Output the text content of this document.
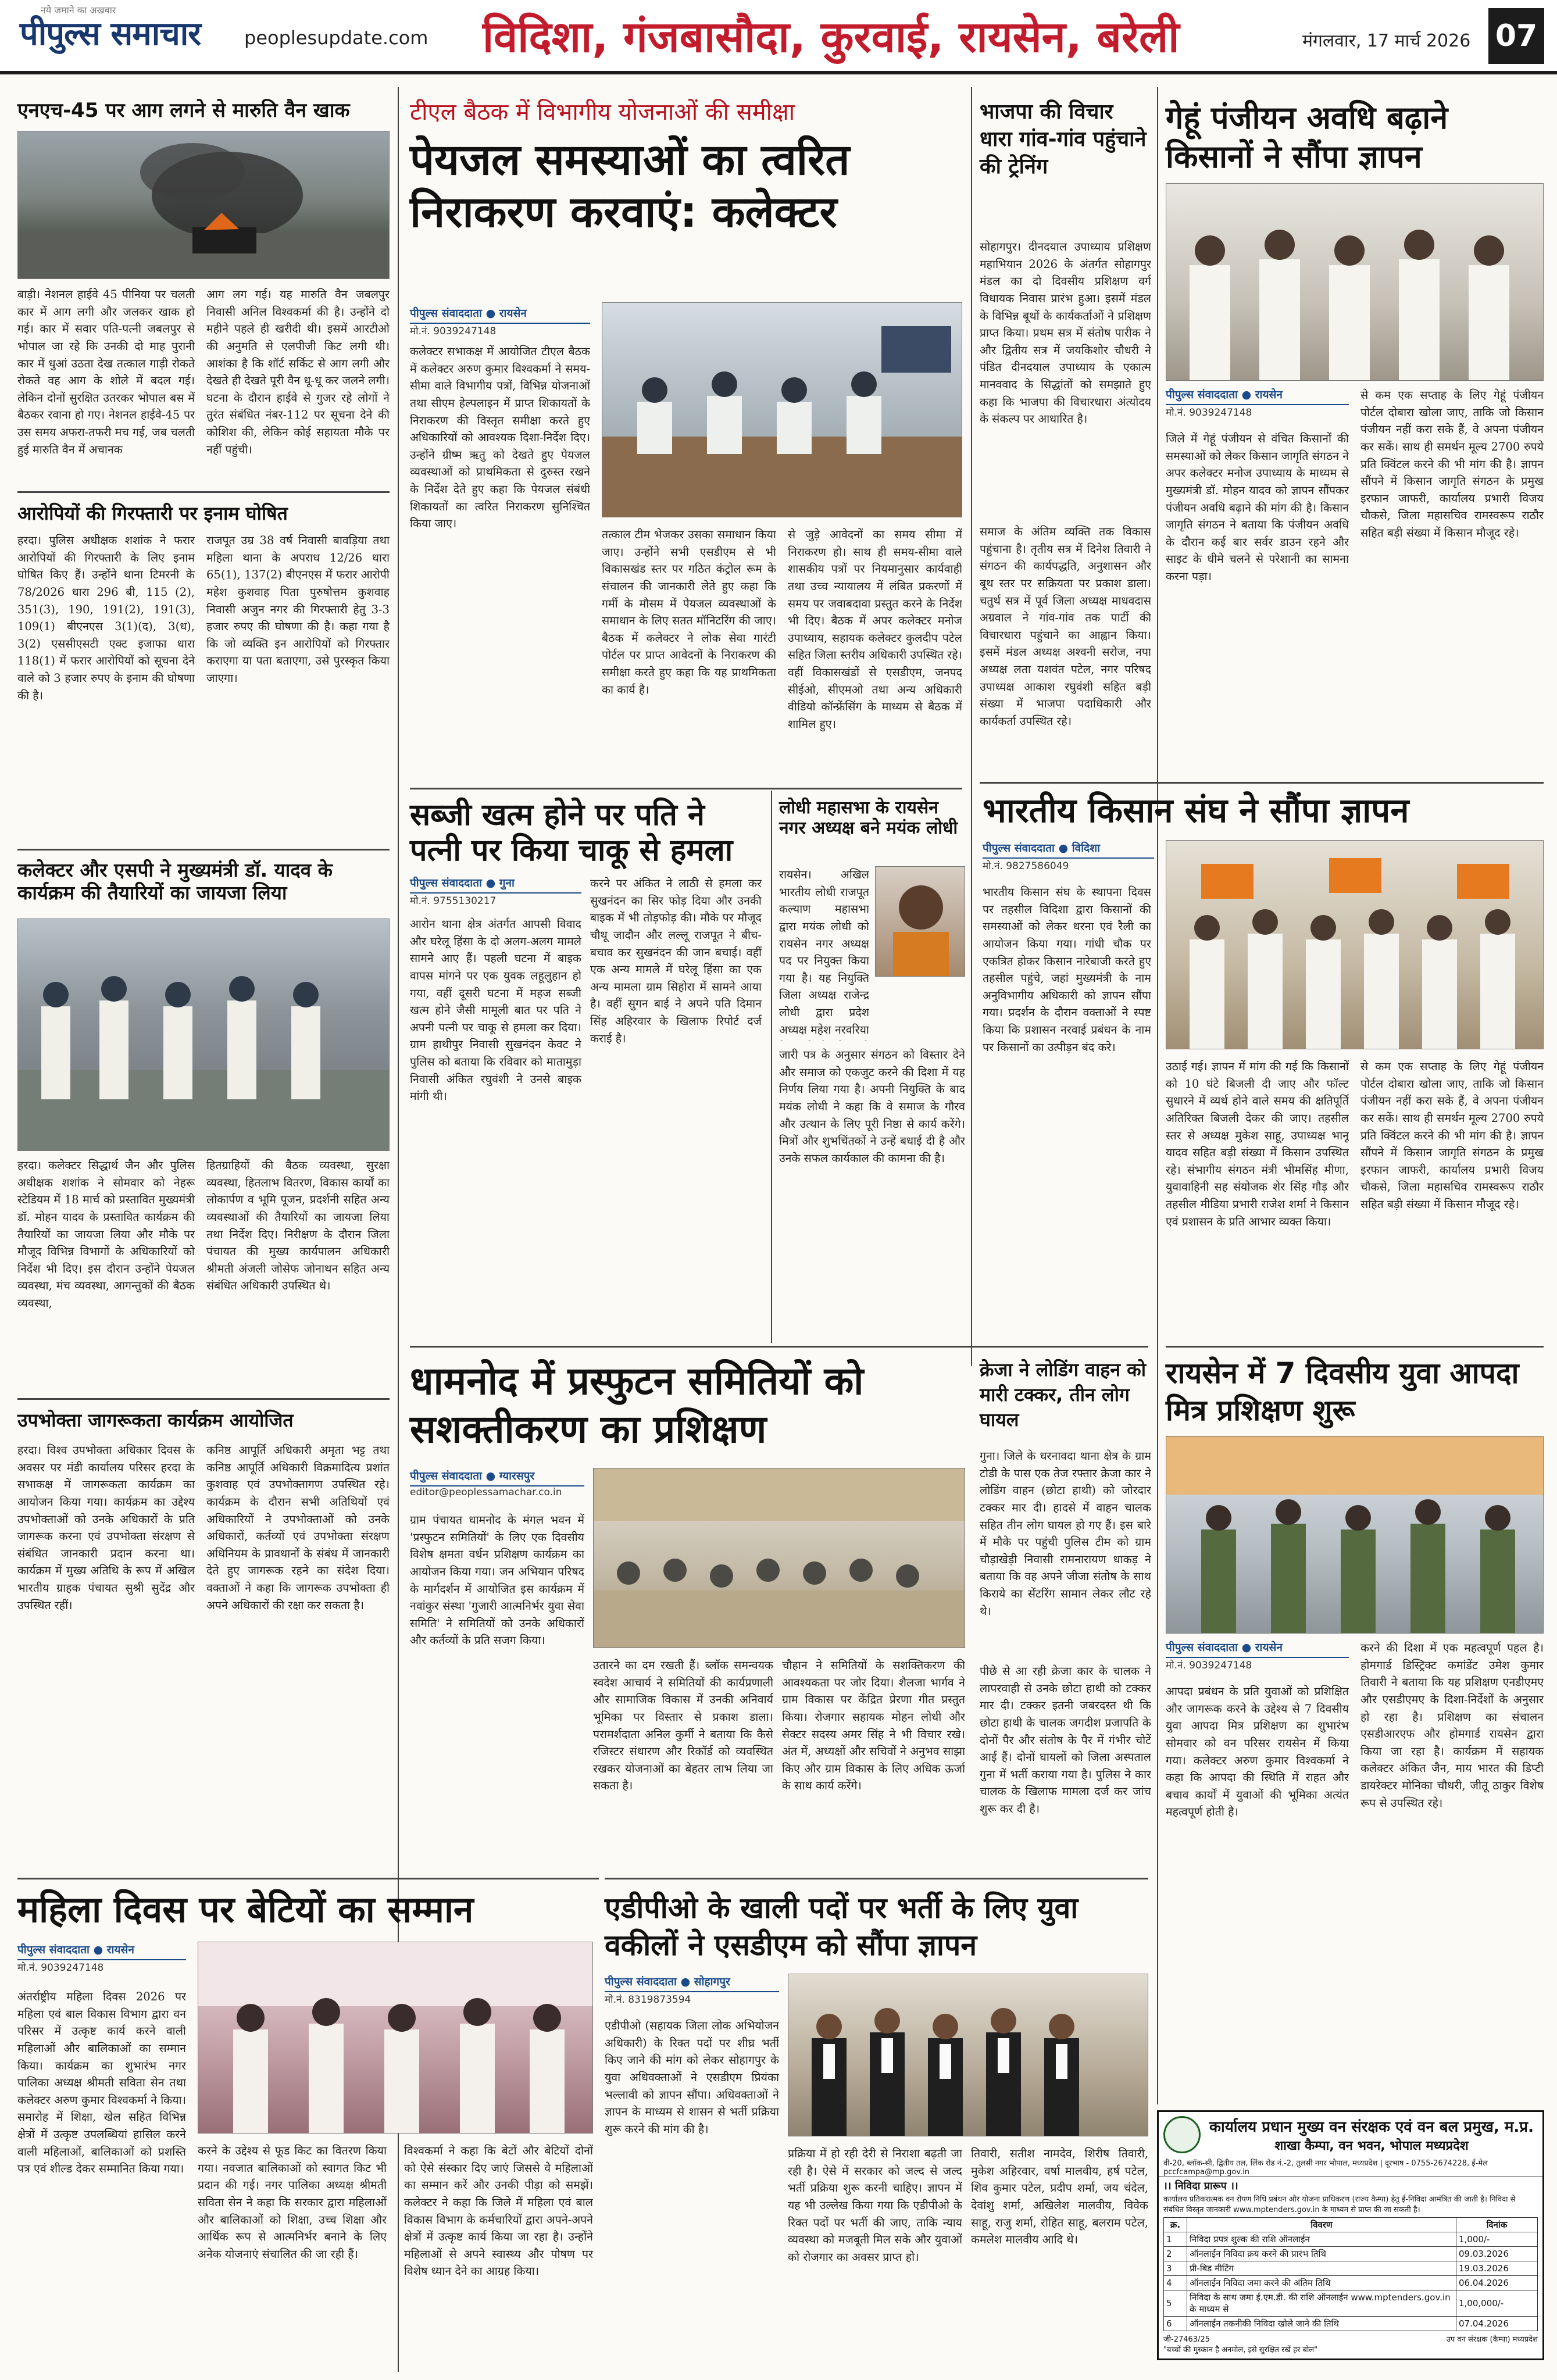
नये जमाने का अखबार
पीपुल्स समाचार peoplesupdate.com विदिशा, गंजबासौदा, कुरवाई, रायसेन, बरेली	मंगलवार, 17 मार्च 2026 07
एनएच-45 पर आग लगने से मारुति वैन खाक
बाड़ी। नेशनल हाईवे 45 पीनिया पर चलती कार में आग लगी और जलकर खाक हो गई। कार में सवार पति-पत्नी जबलपुर से भोपाल जा रहे कि उनकी दो माह पुरानी कार में धुआं उठता देख तत्काल गाड़ी रोकते रोकते वह आग के शोले में बदल गई। लेकिन दोनों सुरक्षित उतरकर भोपाल बस में बैठकर रवाना हो गए। नेशनल हाईवे-45 पर उस समय अफरा-तफरी मच गई, जब चलती हुई मारुति वैन में अचानक
आग लग गई। यह मारुति वैन जबलपुर निवासी अनिल विश्वकर्मा की है। उन्होंने दो महीने पहले ही खरीदी थी। इसमें आरटीओ की अनुमति से एलपीजी किट लगी थी। आशंका है कि शॉर्ट सर्किट से आग लगी और देखते ही देखते पूरी वैन धू-धू कर जलने लगी। घटना के दौरान हाईवे से गुजर रहे लोगों ने तुरंत संबंधित नंबर-112 पर सूचना देने की कोशिश की, लेकिन कोई सहायता मौके पर नहीं पहुंची।
आरोपियों की गिरफ्तारी पर इनाम घोषित
हरदा। पुलिस अधीक्षक शशांक ने फरार आरोपियों की गिरफ्तारी के लिए इनाम घोषित किए हैं। उन्होंने थाना टिमरनी के 78/2026 धारा 296 बी, 115 (2), 351(3), 190, 191(2), 191(3), 109(1) बीएनएस 3(1)(द), 3(ध), 3(2) एससीएसटी एक्ट इजाफा धारा 118(1) में फरार आरोपियों को सूचना देने वाले को 3 हजार रुपए के इनाम की घोषणा की है।
राजपूत उम्र 38 वर्ष निवासी बावड़िया तथा महिला थाना के अपराध 12/26 धारा 65(1), 137(2) बीएनएस में फरार आरोपी महेश कुशवाह पिता पुरुषोत्तम कुशवाह निवासी अजुन नगर की गिरफ्तारी हेतु 3-3 हजार रुपए की घोषणा की है। कहा गया है कि जो व्यक्ति इन आरोपियों को गिरफ्तार कराएगा या पता बताएगा, उसे पुरस्कृत किया जाएगा।
कलेक्टर और एसपी ने मुख्यमंत्री डॉ. यादव के कार्यक्रम की तैयारियों का जायजा लिया
हरदा। कलेक्टर सिद्धार्थ जैन और पुलिस अधीक्षक शशांक ने सोमवार को नेहरू स्टेडियम में 18 मार्च को प्रस्तावित मुख्यमंत्री डॉ. मोहन यादव के प्रस्तावित कार्यक्रम की तैयारियों का जायजा लिया और मौके पर मौजूद विभिन्न विभागों के अधिकारियों को निर्देश भी दिए। इस दौरान उन्होंने पेयजल व्यवस्था, मंच व्यवस्था, आगन्तुकों की बैठक व्यवस्था,
हितग्राहियों की बैठक व्यवस्था, सुरक्षा व्यवस्था, हितलाभ वितरण, विकास कार्यों का लोकार्पण व भूमि पूजन, प्रदर्शनी सहित अन्य व्यवस्थाओं की तैयारियों का जायजा लिया तथा निर्देश दिए। निरीक्षण के दौरान जिला पंचायत की मुख्य कार्यपालन अधिकारी श्रीमती अंजली जोसेफ जोनाथन सहित अन्य संबंधित अधिकारी उपस्थित थे।
उपभोक्ता जागरूकता कार्यक्रम आयोजित
हरदा। विश्व उपभोक्ता अधिकार दिवस के अवसर पर मंडी कार्यालय परिसर हरदा के सभाकक्ष में जागरूकता कार्यक्रम का आयोजन किया गया। कार्यक्रम का उद्देश्य उपभोक्ताओं को उनके अधिकारों के प्रति जागरूक करना एवं उपभोक्ता संरक्षण से संबंधित जानकारी प्रदान करना था। कार्यक्रम में मुख्य अतिथि के रूप में अखिल भारतीय ग्राहक पंचायत सुश्री सुदेंद्र और उपस्थित रहीं।
कनिष्ठ आपूर्ति अधिकारी अमृता भट्ट तथा कनिष्ठ आपूर्ति अधिकारी विक्रमादित्य प्रशांत कुशवाह एवं उपभोक्तागण उपस्थित रहे। कार्यक्रम के दौरान सभी अतिथियों एवं अधिकारियों ने उपभोक्ताओं को उनके अधिकारों, कर्तव्यों एवं उपभोक्ता संरक्षण अधिनियम के प्रावधानों के संबंध में जानकारी देते हुए जागरूक रहने का संदेश दिया। वक्ताओं ने कहा कि जागरूक उपभोक्ता ही अपने अधिकारों की रक्षा कर सकता है।
महिला दिवस पर बेटियों का सम्मान
पीपुल्स संवाददाता ● रायसेन
मो.नं. 9039247148
अंतर्राष्ट्रीय महिला दिवस 2026 पर महिला एवं बाल विकास विभाग द्वारा वन परिसर में उत्कृष्ट कार्य करने वाली महिलाओं और बालिकाओं का सम्मान किया। कार्यक्रम का शुभारंभ नगर पालिका अध्यक्ष श्रीमती सविता सेन तथा कलेक्टर अरुण कुमार विश्वकर्मा ने किया। समारोह में शिक्षा, खेल सहित विभिन्न क्षेत्रों में उत्कृष्ट उपलब्धियां हासिल करने वाली महिलाओं, बालिकाओं को प्रशस्ति पत्र एवं शील्ड देकर सम्मानित किया गया।
करने के उद्देश्य से फूड किट का वितरण किया गया। नवजात बालिकाओं को स्वागत किट भी प्रदान की गई। नगर पालिका अध्यक्ष श्रीमती सविता सेन ने कहा कि सरकार द्वारा महिलाओं और बालिकाओं को शिक्षा, उच्च शिक्षा और आर्थिक रूप से आत्मनिर्भर बनाने के लिए अनेक योजनाएं संचालित की जा रही हैं।
विश्वकर्मा ने कहा कि बेटों और बेटियों दोनों को ऐसे संस्कार दिए जाएं जिससे वे महिलाओं का सम्मान करें और उनकी पीड़ा को समझें। कलेक्टर ने कहा कि जिले में महिला एवं बाल विकास विभाग के कर्मचारियों द्वारा अपने-अपने क्षेत्रों में उत्कृष्ट कार्य किया जा रहा है। उन्होंने महिलाओं से अपने स्वास्थ्य और पोषण पर विशेष ध्यान देने का आग्रह किया।
टीएल बैठक में विभागीय योजनाओं की समीक्षा
पेयजल समस्याओं का त्वरित निराकरण करवाएं: कलेक्टर
पीपुल्स संवाददाता ● रायसेन
मो.नं. 9039247148
कलेक्टर सभाकक्ष में आयोजित टीएल बैठक में कलेक्टर अरुण कुमार विश्वकर्मा ने समय-सीमा वाले विभागीय पत्रों, विभिन्न योजनाओं तथा सीएम हेल्पलाइन में प्राप्त शिकायतों के निराकरण की विस्तृत समीक्षा करते हुए अधिकारियों को आवश्यक दिशा-निर्देश दिए। उन्होंने ग्रीष्म ऋतु को देखते हुए पेयजल व्यवस्थाओं को प्राथमिकता से दुरुस्त रखने के निर्देश देते हुए कहा कि पेयजल संबंधी शिकायतों का त्वरित निराकरण सुनिश्चित किया जाए।
तत्काल टीम भेजकर उसका समाधान किया जाए। उन्होंने सभी एसडीएम से भी विकासखंड स्तर पर गठित कंट्रोल रूम के संचालन की जानकारी लेते हुए कहा कि गर्मी के मौसम में पेयजल व्यवस्थाओं के समाधान के लिए सतत मॉनिटरिंग की जाए। बैठक में कलेक्टर ने लोक सेवा गारंटी पोर्टल पर प्राप्त आवेदनों के निराकरण की समीक्षा करते हुए कहा कि यह प्राथमिकता का कार्य है।
से जुड़े आवेदनों का समय सीमा में निराकरण हो। साथ ही समय-सीमा वाले शासकीय पत्रों पर नियमानुसार कार्यवाही तथा उच्च न्यायालय में लंबित प्रकरणों में समय पर जवाबदावा प्रस्तुत करने के निर्देश भी दिए। बैठक में अपर कलेक्टर मनोज उपाध्याय, सहायक कलेक्टर कुलदीप पटेल सहित जिला स्तरीय अधिकारी उपस्थित रहे। वहीं विकासखंडों से एसडीएम, जनपद सीईओ, सीएमओ तथा अन्य अधिकारी वीडियो कॉन्फ्रेंसिंग के माध्यम से बैठक में शामिल हुए।
सब्जी खत्म होने पर पति ने पत्नी पर किया चाकू से हमला
पीपुल्स संवाददाता ● गुना
मो.नं. 9755130217
आरोन थाना क्षेत्र अंतर्गत आपसी विवाद और घरेलू हिंसा के दो अलग-अलग मामले सामने आए हैं। पहली घटना में बाइक वापस मांगने पर एक युवक लहूलुहान हो गया, वहीं दूसरी घटना में महज सब्जी खत्म होने जैसी मामूली बात पर पति ने अपनी पत्नी पर चाकू से हमला कर दिया। ग्राम हाथीपुर निवासी सुखनंदन केवट ने पुलिस को बताया कि रविवार को मातामुड़ा निवासी अंकित रघुवंशी ने उनसे बाइक मांगी थी।
करने पर अंकित ने लाठी से हमला कर सुखनंदन का सिर फोड़ दिया और उनकी बाइक में भी तोड़फोड़ की। मौके पर मौजूद चौथू जादौन और लल्लू राजपूत ने बीच-बचाव कर सुखनंदन की जान बचाई। वहीं एक अन्य मामले में घरेलू हिंसा का एक अन्य मामला ग्राम सिहोरा में सामने आया है। वहीं सुगन बाई ने अपने पति दिमान सिंह अहिरवार के खिलाफ रिपोर्ट दर्ज कराई है।
लोधी महासभा के रायसेन नगर अध्यक्ष बने मयंक लोधी
रायसेन। अखिल भारतीय लोधी राजपूत कल्याण महासभा द्वारा मयंक लोधी को रायसेन नगर अध्यक्ष पद पर नियुक्त किया गया है। यह नियुक्ति जिला अध्यक्ष राजेन्द्र लोधी द्वारा प्रदेश अध्यक्ष महेश नरवरिया
जारी पत्र के अनुसार संगठन को विस्तार देने और समाज को एकजुट करने की दिशा में यह निर्णय लिया गया है। अपनी नियुक्ति के बाद मयंक लोधी ने कहा कि वे समाज के गौरव और उत्थान के लिए पूरी निष्ठा से कार्य करेंगे। मित्रों और शुभचिंतकों ने उन्हें बधाई दी है और उनके सफल कार्यकाल की कामना की है।
धामनोद में प्रस्फुटन समितियों को सशक्तीकरण का प्रशिक्षण
पीपुल्स संवाददाता ● ग्यारसपुर
editor@peoplessamachar.co.in
ग्राम पंचायत धामनोद के मंगल भवन में 'प्रस्फुटन समितियों' के लिए एक दिवसीय विशेष क्षमता वर्धन प्रशिक्षण कार्यक्रम का आयोजन किया गया। जन अभियान परिषद के मार्गदर्शन में आयोजित इस कार्यक्रम में नवांकुर संस्था 'गुजारी आत्मनिर्भर युवा सेवा समिति' ने समितियों को उनके अधिकारों और कर्तव्यों के प्रति सजग किया।
उतारने का दम रखती हैं। ब्लॉक समन्वयक स्वदेश आचार्य ने समितियों की कार्यप्रणाली और सामाजिक विकास में उनकी अनिवार्य भूमिका पर विस्तार से प्रकाश डाला। परामर्शदाता अनिल कुर्मी ने बताया कि कैसे रजिस्टर संधारण और रिकॉर्ड को व्यवस्थित रखकर योजनाओं का बेहतर लाभ लिया जा सकता है।
चौहान ने समितियों के सशक्तिकरण की आवश्यकता पर जोर दिया। शैलजा भार्गव ने ग्राम विकास पर केंद्रित प्रेरणा गीत प्रस्तुत किया। रोजगार सहायक मोहन लोधी और सेक्टर सदस्य अमर सिंह ने भी विचार रखे। अंत में, अध्यक्षों और सचिवों ने अनुभव साझा किए और ग्राम विकास के लिए अधिक ऊर्जा के साथ कार्य करेंगे।
एडीपीओ के खाली पदों पर भर्ती के लिए युवा वकीलों ने एसडीएम को सौंपा ज्ञापन
पीपुल्स संवाददाता ● सोहागपुर
मो.नं. 8319873594
एडीपीओ (सहायक जिला लोक अभियोजन अधिकारी) के रिक्त पदों पर शीघ्र भर्ती किए जाने की मांग को लेकर सोहागपुर के युवा अधिवक्ताओं ने एसडीएम प्रियंका भल्लावी को ज्ञापन सौंपा। अधिवक्ताओं ने ज्ञापन के माध्यम से शासन से भर्ती प्रक्रिया शुरू करने की मांग की है।
प्रक्रिया में हो रही देरी से निराशा बढ़ती जा रही है। ऐसे में सरकार को जल्द से जल्द भर्ती प्रक्रिया शुरू करनी चाहिए। ज्ञापन में यह भी उल्लेख किया गया कि एडीपीओ के रिक्त पदों पर भर्ती की जाए, ताकि न्याय व्यवस्था को मजबूती मिल सके और युवाओं को रोजगार का अवसर प्राप्त हो।
तिवारी, सतीश नामदेव, शिरीष तिवारी, मुकेश अहिरवार, वर्षा मालवीय, हर्ष पटेल, शिव कुमार पटेल, प्रदीप शर्मा, जय चंदेल, देवांशु शर्मा, अखिलेश मालवीय, विवेक साहू, राजु शर्मा, रोहित साहू, बलराम पटेल, कमलेश मालवीय आदि थे।
भाजपा की विचार धारा गांव-गांव पहुंचाने की ट्रेनिंग
सोहागपुर। दीनदयाल उपाध्याय प्रशिक्षण महाभियान 2026 के अंतर्गत सोहागपुर मंडल का दो दिवसीय प्रशिक्षण वर्ग विधायक निवास प्रारंभ हुआ। इसमें मंडल के विभिन्न बूथों के कार्यकर्ताओं ने प्रशिक्षण प्राप्त किया। प्रथम सत्र में संतोष पारीक ने और द्वितीय सत्र में जयकिशोर चौधरी ने पंडित दीनदयाल उपाध्याय के एकात्म मानववाद के सिद्धांतों को समझाते हुए कहा कि भाजपा की विचारधारा अंत्योदय के संकल्प पर आधारित है।
समाज के अंतिम व्यक्ति तक विकास पहुंचाना है। तृतीय सत्र में दिनेश तिवारी ने संगठन की कार्यपद्धति, अनुशासन और बूथ स्तर पर सक्रियता पर प्रकाश डाला। चतुर्थ सत्र में पूर्व जिला अध्यक्ष माधवदास अग्रवाल ने गांव-गांव तक पार्टी की विचारधारा पहुंचाने का आह्वान किया। इसमें मंडल अध्यक्ष अश्वनी सरोज, नपा अध्यक्ष लता यशवंत पटेल, नगर परिषद उपाध्यक्ष आकाश रघुवंशी सहित बड़ी संख्या में भाजपा पदाधिकारी और कार्यकर्ता उपस्थित रहे।
क्रेजा ने लोडिंग वाहन को मारी टक्कर, तीन लोग घायल
गुना। जिले के धरनावदा थाना क्षेत्र के ग्राम टोडी के पास एक तेज रफ्तार क्रेजा कार ने लोडिंग वाहन (छोटा हाथी) को जोरदार टक्कर मार दी। हादसे में वाहन चालक सहित तीन लोग घायल हो गए हैं। इस बारे में मौके पर पहुंची पुलिस टीम को ग्राम चौड़ाखेड़ी निवासी रामनारायण धाकड़ ने बताया कि वह अपने जीजा संतोष के साथ किराये का सेंटरिंग सामान लेकर लौट रहे थे।
पीछे से आ रही क्रेजा कार के चालक ने लापरवाही से उनके छोटा हाथी को टक्कर मार दी। टक्कर इतनी जबरदस्त थी कि छोटा हाथी के चालक जगदीश प्रजापति के दोनों पैर और संतोष के पैर में गंभीर चोटें आई हैं। दोनों घायलों को जिला अस्पताल गुना में भर्ती कराया गया है। पुलिस ने कार चालक के खिलाफ मामला दर्ज कर जांच शुरू कर दी है।
गेहूं पंजीयन अवधि बढ़ाने किसानों ने सौंपा ज्ञापन
पीपुल्स संवाददाता ● रायसेन
मो.नं. 9039247148
जिले में गेहूं पंजीयन से वंचित किसानों की समस्याओं को लेकर किसान जागृति संगठन ने अपर कलेक्टर मनोज उपाध्याय के माध्यम से मुख्यमंत्री डॉ. मोहन यादव को ज्ञापन सौंपकर पंजीयन अवधि बढ़ाने की मांग की है। किसान जागृति संगठन ने बताया कि पंजीयन अवधि के दौरान कई बार सर्वर डाउन रहने और साइट के धीमे चलने से परेशानी का सामना करना पड़ा।
से कम एक सप्ताह के लिए गेहूं पंजीयन पोर्टल दोबारा खोला जाए, ताकि जो किसान पंजीयन नहीं करा सके हैं, वे अपना पंजीयन कर सकें। साथ ही समर्थन मूल्य 2700 रुपये प्रति क्विंटल करने की भी मांग की है। ज्ञापन सौंपने में किसान जागृति संगठन के प्रमुख इरफान जाफरी, कार्यालय प्रभारी विजय चौकसे, जिला महासचिव रामस्वरूप राठौर सहित बड़ी संख्या में किसान मौजूद रहे।
भारतीय किसान संघ ने सौंपा ज्ञापन
पीपुल्स संवाददाता ● विदिशा
मो.नं. 9827586049
भारतीय किसान संघ के स्थापना दिवस पर तहसील विदिशा द्वारा किसानों की समस्याओं को लेकर धरना एवं रैली का आयोजन किया गया। गांधी चौक पर एकत्रित होकर किसान नारेबाजी करते हुए तहसील पहुंचे, जहां मुख्यमंत्री के नाम अनुविभागीय अधिकारी को ज्ञापन सौंपा गया। प्रदर्शन के दौरान वक्ताओं ने स्पष्ट किया कि प्रशासन नरवाई प्रबंधन के नाम पर किसानों का उत्पीड़न बंद करे।
उठाई गई। ज्ञापन में मांग की गई कि किसानों को 10 घंटे बिजली दी जाए और फॉल्ट सुधारने में व्यर्थ होने वाले समय की क्षतिपूर्ति अतिरिक्त बिजली देकर की जाए। तहसील स्तर से अध्यक्ष मुकेश साहू, उपाध्यक्ष भानू यादव सहित बड़ी संख्या में किसान उपस्थित रहे। संभागीय संगठन मंत्री भीमसिंह मीणा, युवावाहिनी सह संयोजक शेर सिंह गौड़ और तहसील मीडिया प्रभारी राजेश शर्मा ने किसान एवं प्रशासन के प्रति आभार व्यक्त किया।
से कम एक सप्ताह के लिए गेहूं पंजीयन पोर्टल दोबारा खोला जाए, ताकि जो किसान पंजीयन नहीं करा सके हैं, वे अपना पंजीयन कर सकें। साथ ही समर्थन मूल्य 2700 रुपये प्रति क्विंटल करने की भी मांग की है। ज्ञापन सौंपने में किसान जागृति संगठन के प्रमुख इरफान जाफरी, कार्यालय प्रभारी विजय चौकसे, जिला महासचिव रामस्वरूप राठौर सहित बड़ी संख्या में किसान मौजूद रहे।
रायसेन में 7 दिवसीय युवा आपदा मित्र प्रशिक्षण शुरू
पीपुल्स संवाददाता ● रायसेन
मो.नं. 9039247148
आपदा प्रबंधन के प्रति युवाओं को प्रशिक्षित और जागरूक करने के उद्देश्य से 7 दिवसीय युवा आपदा मित्र प्रशिक्षण का शुभारंभ सोमवार को वन परिसर रायसेन में किया गया। कलेक्टर अरुण कुमार विश्वकर्मा ने कहा कि आपदा की स्थिति में राहत और बचाव कार्यों में युवाओं की भूमिका अत्यंत महत्वपूर्ण होती है।
करने की दिशा में एक महत्वपूर्ण पहल है। होमगार्ड डिस्ट्रिक्ट कमांडेंट उमेश कुमार तिवारी ने बताया कि यह प्रशिक्षण एनडीएमए और एसडीएमए के दिशा-निर्देशों के अनुसार हो रहा है। प्रशिक्षण का संचालन एसडीआरएफ और होमगार्ड रायसेन द्वारा किया जा रहा है। कार्यक्रम में सहायक कलेक्टर अंकित जैन, माय भारत की डिप्टी डायरेक्टर मोनिका चौधरी, जीतू ठाकुर विशेष रूप से उपस्थित रहे।
कार्यालय प्रधान मुख्य वन संरक्षक एवं वन बल प्रमुख, म.प्र.
शाखा कैम्पा, वन भवन, भोपाल मध्यप्रदेश
वी-20, ब्लॉक-सी, द्वितीय तल, लिंक रोड नं.-2, तुलसी नगर भोपाल, मध्यप्रदेश | दूरभाष - 0755-2674228, ई-मेल pccfcampa@mp.gov.in
।। निविदा प्रारूप ।।
कार्यालय प्रतिकरात्मक वन रोपण निधि प्रबंधन और योजना प्राधिकरण (राज्य कैम्पा) हेतु ई-निविदा आमंत्रित की जाती है। निविदा से संबंधित विस्तृत जानकारी www.mptenders.gov.in के माध्यम से प्राप्त की जा सकती है।
क्र.	विवरण	दिनांक
1	निविदा प्रपत्र शुल्क की राशि ऑनलाईन	1,000/-
2	ऑनलाईन निविदा क्रय करने की प्रारंभ तिथि	09.03.2026
3	प्री-बिड मीटिंग	19.03.2026
4	ऑनलाईन निविदा जमा करने की अंतिम तिथि	06.04.2026
5	निविदा के साथ जमा ई.एम.डी. की राशि ऑनलाईन www.mptenders.gov.in के माध्यम से	1,00,000/-
6	ऑनलाईन तकनीकी निविदा खोले जाने की तिथि	07.04.2026
जी-27463/25
"बच्चों की मुस्कान है अनमोल, इसे सुरक्षित रखें हर बोल"
उप वन संरक्षक (कैम्पा) मध्यप्रदेश
